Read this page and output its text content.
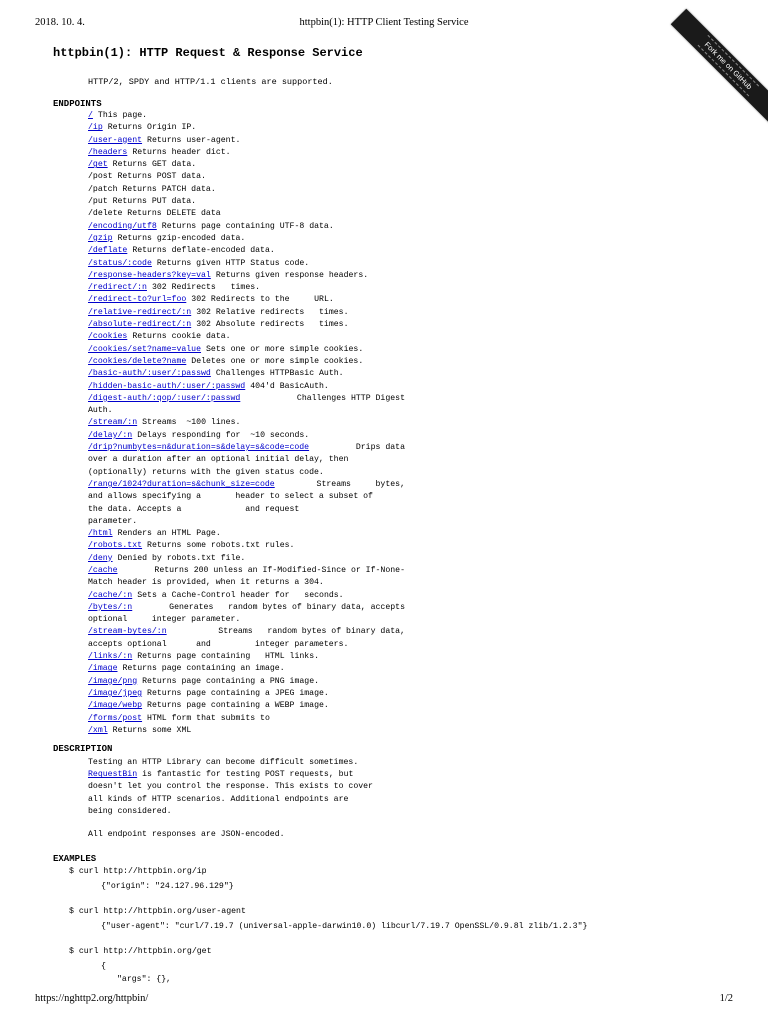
2018. 10. 4.	httpbin(1): HTTP Client Testing Service
Fork me on GitHub
httpbin(1): HTTP Request & Response Service
HTTP/2, SPDY and HTTP/1.1 clients are supported.
ENDPOINTS
/ This page.
/ip Returns Origin IP.
/user-agent Returns user-agent.
/headers Returns header dict.
/get Returns GET data.
/post Returns POST data.
/patch Returns PATCH data.
/put Returns PUT data.
/delete Returns DELETE data
/encoding/utf8 Returns page containing UTF-8 data.
/gzip Returns gzip-encoded data.
/deflate Returns deflate-encoded data.
/status/:code Returns given HTTP Status code.
/response-headers?key=val Returns given response headers.
/redirect/:n 302 Redirects   times.
/redirect-to?url=foo 302 Redirects to the     URL.
/relative-redirect/:n 302 Relative redirects   times.
/absolute-redirect/:n 302 Absolute redirects   times.
/cookies Returns cookie data.
/cookies/set?name=value Sets one or more simple cookies.
/cookies/delete?name Deletes one or more simple cookies.
/basic-auth/:user/:passwd Challenges HTTPBasic Auth.
/hidden-basic-auth/:user/:passwd 404'd BasicAuth.
/digest-auth/:qop/:user/:passwd	Challenges HTTP Digest
Auth.
/stream/:n Streams  ~100 lines.
/delay/:n Delays responding for  ~10 seconds.
/drip?numbytes=n&duration=s&delay=s&code=code	Drips data
over a duration after an optional initial delay, then
(optionally) returns with the given status code.
/range/1024?duration=s&chunk_size=code	Streams     bytes,
and allows specifying a       header to select a subset of
the data. Accepts a             and request
parameter.
/html Renders an HTML Page.
/robots.txt Returns some robots.txt rules.
/deny Denied by robots.txt file.
/cache	Returns 200 unless an If-Modified-Since or If-None-
Match header is provided, when it returns a 304.
/cache/:n Sets a Cache-Control header for   seconds.
/bytes/:n	Generates   random bytes of binary data, accepts
optional     integer parameter.
/stream-bytes/:n	Streams   random bytes of binary data,
accepts optional      and         integer parameters.
/links/:n Returns page containing   HTML links.
/image Returns page containing an image.
/image/png Returns page containing a PNG image.
/image/jpeg Returns page containing a JPEG image.
/image/webp Returns page containing a WEBP image.
/forms/post HTML form that submits to
/xml Returns some XML
DESCRIPTION
Testing an HTTP Library can become difficult sometimes.
RequestBin is fantastic for testing POST requests, but
doesn't let you control the response. This exists to cover
all kinds of HTTP scenarios. Additional endpoints are
being considered.
All endpoint responses are JSON-encoded.
EXAMPLES
$ curl http://httpbin.org/ip
{"origin": "24.127.96.129"}
$ curl http://httpbin.org/user-agent
{"user-agent": "curl/7.19.7 (universal-apple-darwin10.0) libcurl/7.19.7 OpenSSL/0.9.8l zlib/1.2.3"}
$ curl http://httpbin.org/get
{
"args": {},
https://nghttp2.org/httpbin/	1/2
